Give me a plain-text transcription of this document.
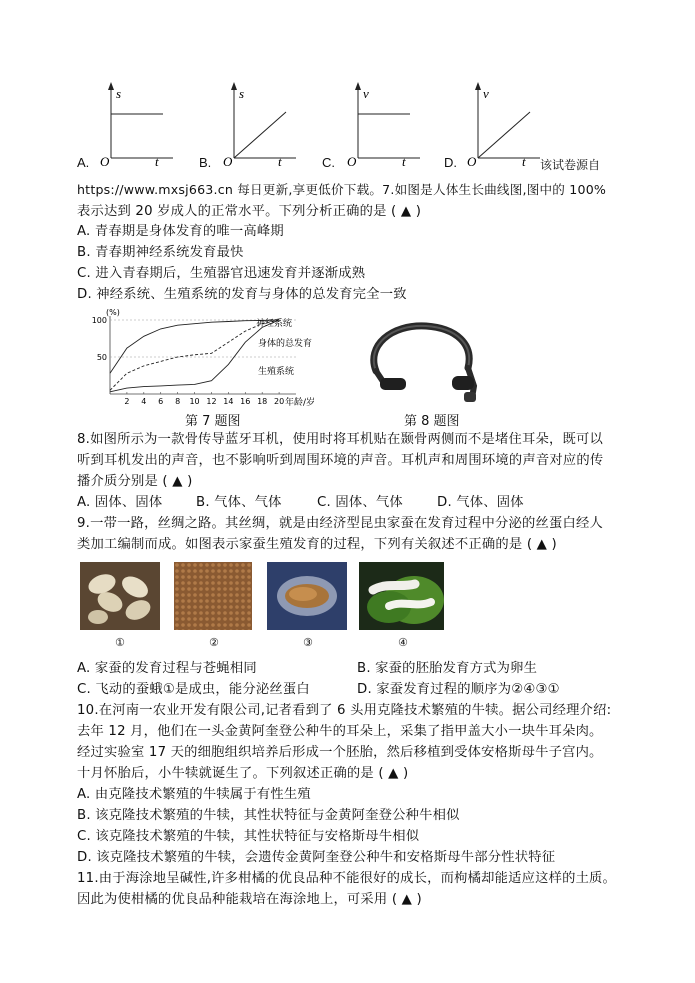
A.
s
O	t	B.
s
O	t	C.
v
O	t	D.
v
O	t 该试卷源自
https://www.mxsj663.cn 每日更新,享更低价下载。7.如图是人体生长曲线图,图中的 100%
表示达到 20 岁成人的正常水平。下列分析正确的是 ( ▲ )
A. 青春期是身体发育的唯一高峰期
B. 青春期神经系统发育最快
C. 进入青春期后，生殖器官迅速发育并逐渐成熟
D. 神经系统、生殖系统的发育与身体的总发育完全一致
(%)
50
100
2 4 6 8 10 12 14 16 18 20
神经系统
身体的总发育
生殖系统
年龄/岁
第 7 题图	第 8 题图
8.如图所示为一款骨传导蓝牙耳机，使用时将耳机贴在颞骨两侧而不是堵住耳朵，既可以
听到耳机发出的声音，也不影响听到周围环境的声音。耳机声和周围环境的声音对应的传
播介质分别是 ( ▲ )
A. 固体、固体	B. 气体、气体	C. 固体、气体	D. 气体、固体
9.一带一路，丝绸之路。其丝绸，就是由经济型昆虫家蚕在发育过程中分泌的丝蛋白经人
类加工编制而成。如图表示家蚕生殖发育的过程，下列有关叙述不正确的是 ( ▲ )
①	②	③	④
A. 家蚕的发育过程与苍蝇相同	B. 家蚕的胚胎发育方式为卵生
C. 飞动的蚕蛾①是成虫，能分泌丝蛋白	D. 家蚕发育过程的顺序为②④③①
10.在河南一农业开发有限公司,记者看到了 6 头用克隆技术繁殖的牛犊。据公司经理介绍:
去年 12 月，他们在一头金黄阿奎登公种牛的耳朵上，采集了指甲盖大小一块牛耳朵肉。
经过实验室 17 天的细胞组织培养后形成一个胚胎，然后移植到受体安格斯母牛子宫内。
十月怀胎后，小牛犊就诞生了。下列叙述正确的是 ( ▲ )
A. 由克隆技术繁殖的牛犊属于有性生殖
B. 该克隆技术繁殖的牛犊，其性状特征与金黄阿奎登公种牛相似
C. 该克隆技术繁殖的牛犊，其性状特征与安格斯母牛相似
D. 该克隆技术繁殖的牛犊，会遗传金黄阿奎登公种牛和安格斯母牛部分性状特征
11.由于海涂地呈碱性,许多柑橘的优良品种不能很好的成长，而枸橘却能适应这样的土质。
因此为使柑橘的优良品种能栽培在海涂地上，可采用 ( ▲ )
